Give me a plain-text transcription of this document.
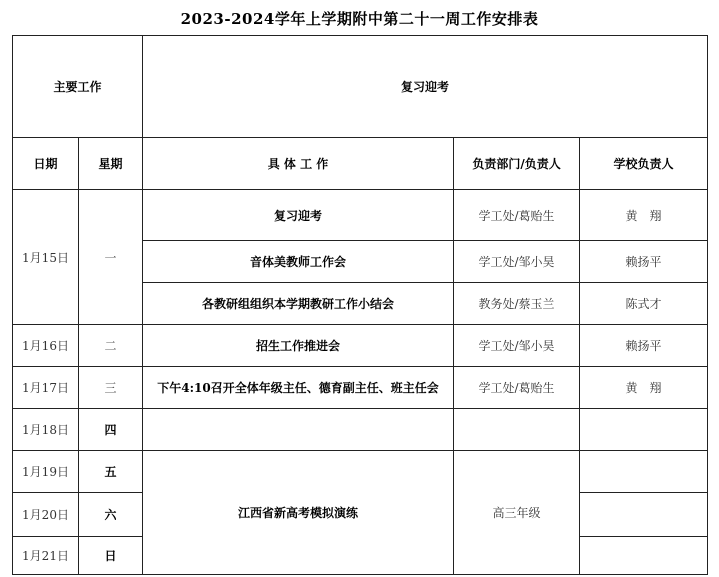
2023-2024学年上学期附中第二十一周工作安排表
主要工作		复习迎考		
日期	星期	具 体 工 作	负责部门/负责人	学校负责人
1月15日	一	复习迎考	学工处/葛贻生	黄　翔
		音体美教师工作会	学工处/邹小昊	赖扬平
		各教研组组织本学期教研工作小结会	教务处/蔡玉兰	陈式才
1月16日	二	招生工作推进会	学工处/邹小昊	赖扬平
1月17日	三	下午4:10召开全体年级主任、德育副主任、班主任会	学工处/葛贻生	黄　翔
1月18日	四			
1月19日	五	江西省新高考模拟演练	高三年级	
1月20日	六			
1月21日	日			
